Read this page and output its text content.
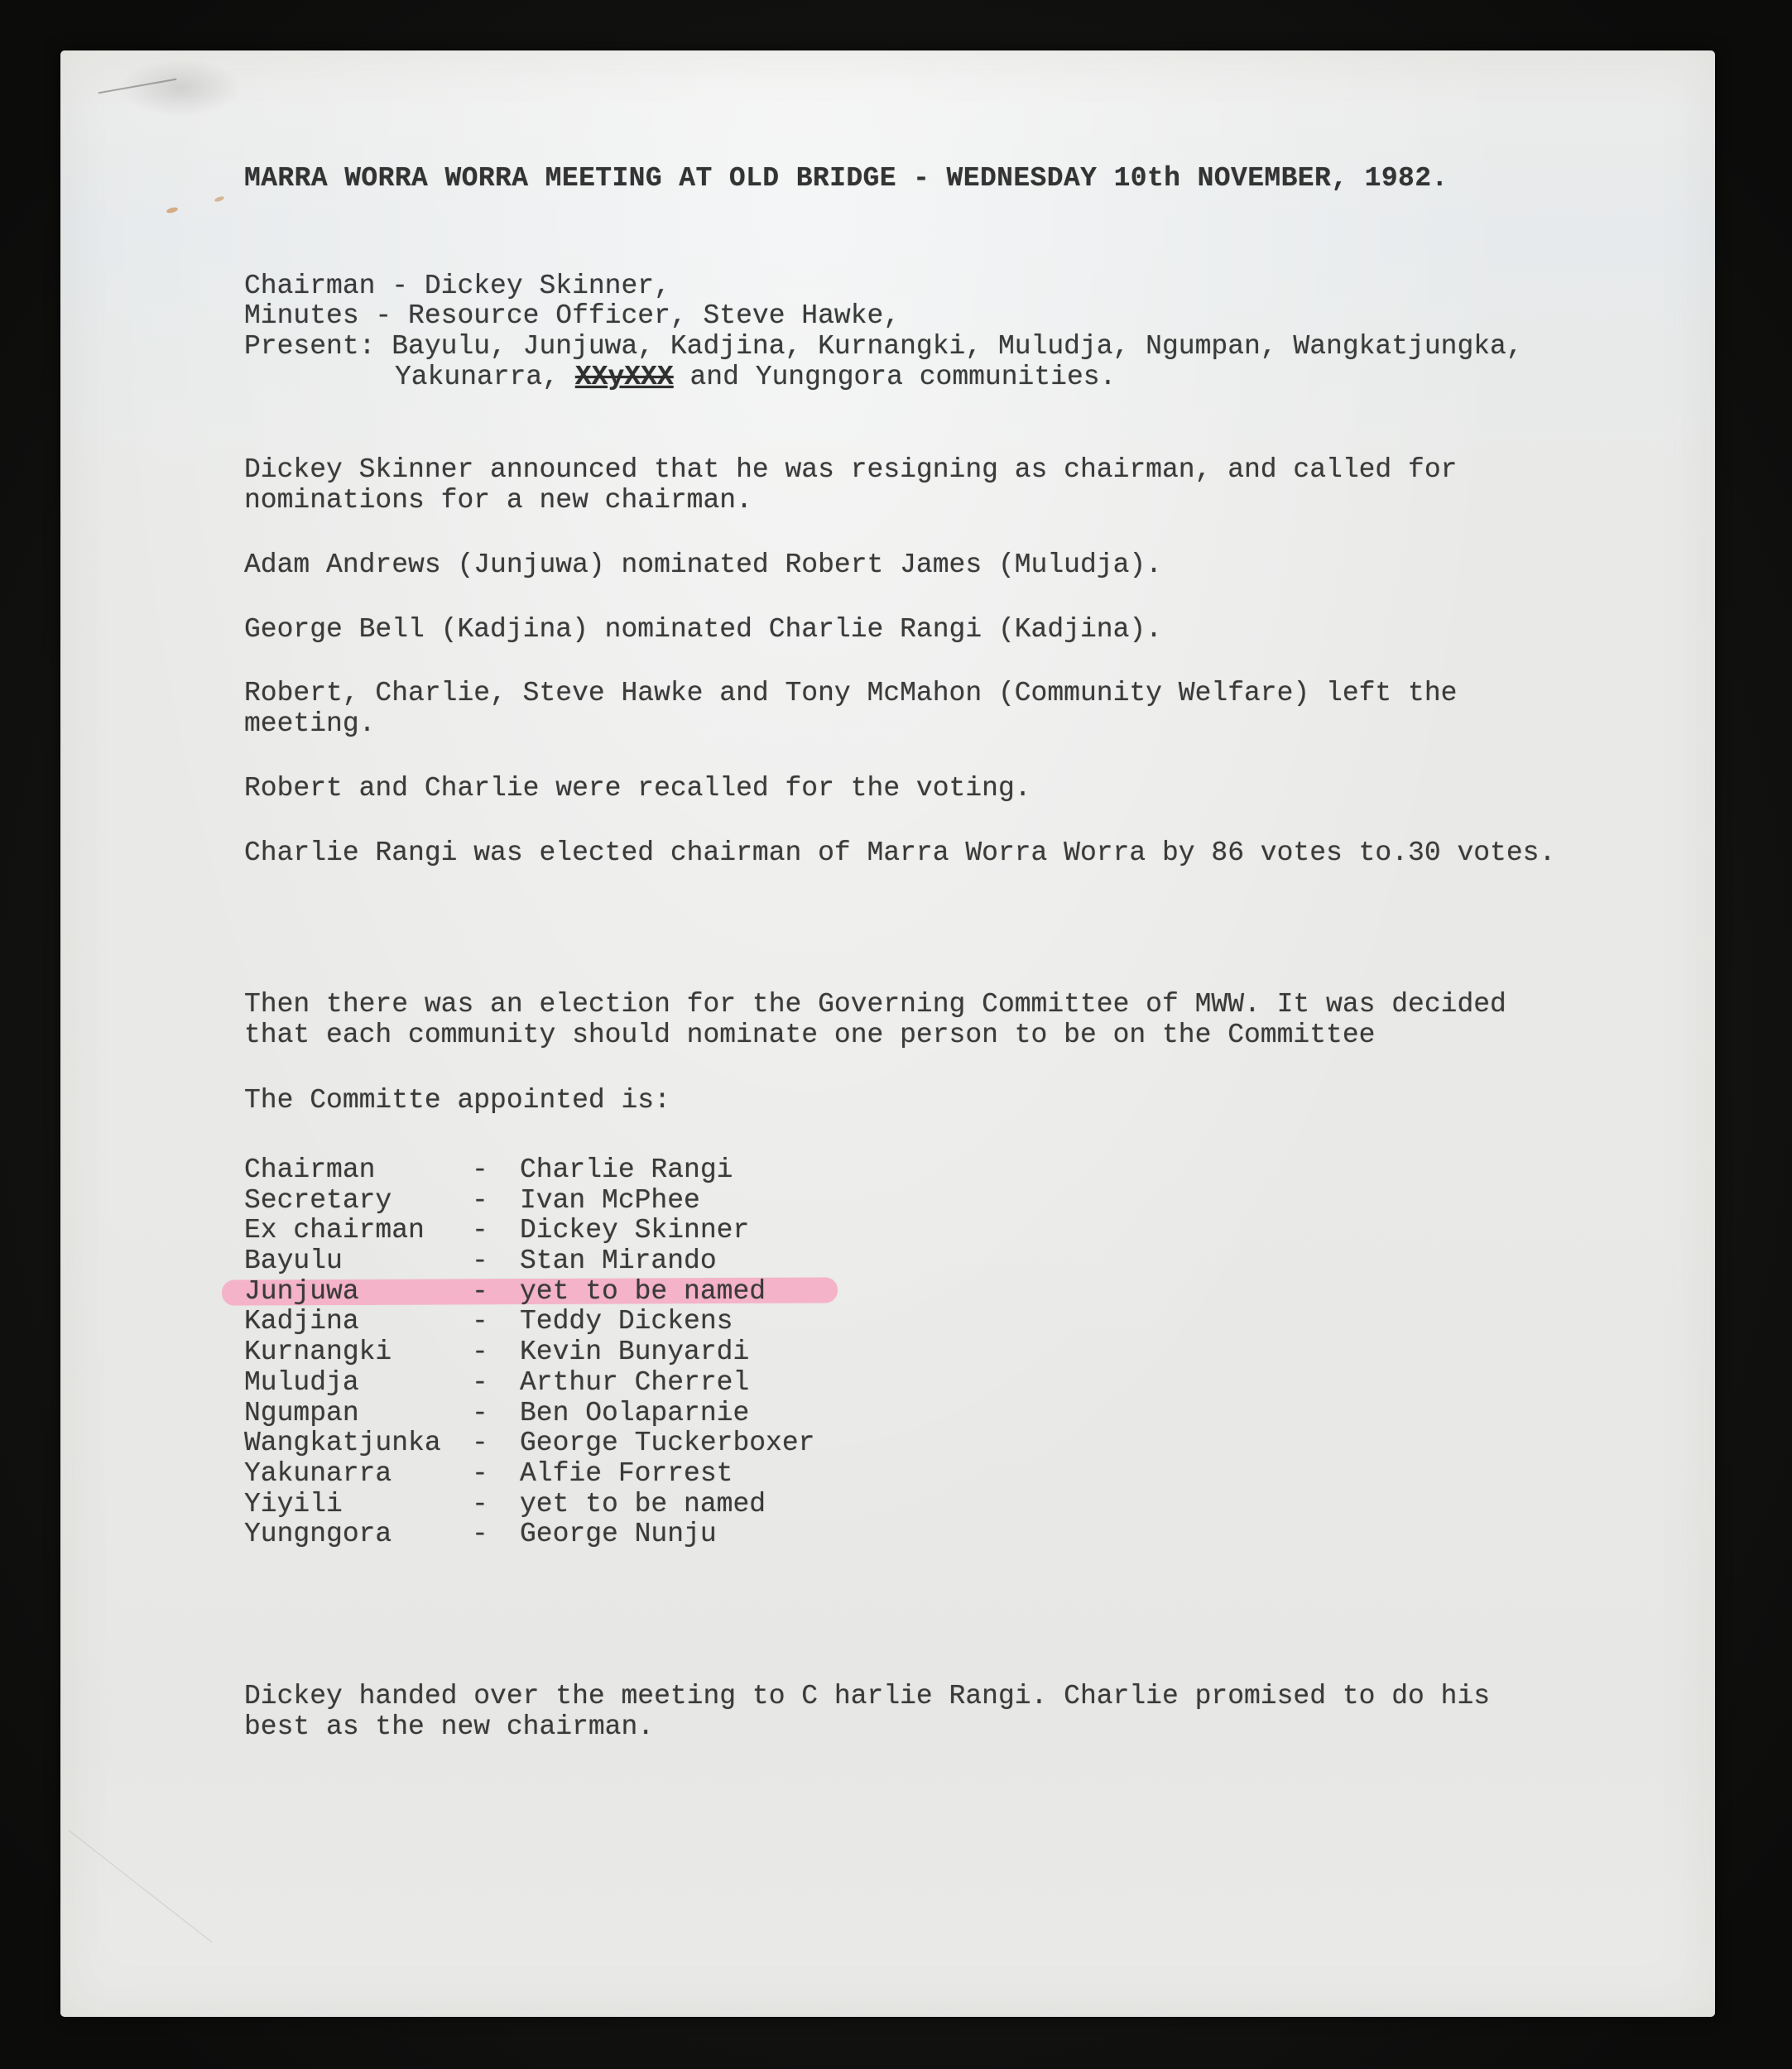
MARRA WORRA WORRA MEETING AT OLD BRIDGE - WEDNESDAY 10th NOVEMBER, 1982.
Chairman - Dickey Skinner,
Minutes - Resource Officer, Steve Hawke,
Present: Bayulu, Junjuwa, Kadjina, Kurnangki, Muludja, Ngumpan, Wangkatjungka,
Yakunarra, XXyXXX and Yungngora communities.
Dickey Skinner announced that he was resigning as chairman, and called for
nominations for a new chairman.
Adam Andrews (Junjuwa) nominated Robert James (Muludja).
George Bell (Kadjina) nominated Charlie Rangi (Kadjina).
Robert, Charlie, Steve Hawke and Tony McMahon (Community Welfare) left the
meeting.
Robert and Charlie were recalled for the voting.
Charlie Rangi was elected chairman of Marra Worra Worra by 86 votes to.30 votes.
Then there was an election for the Governing Committee of MWW. It was decided
that each community should nominate one person to be on the Committee
The Committe appointed is:
Chairman	- Charlie Rangi
Secretary	- Ivan McPhee
Ex chairman - Dickey Skinner
Bayulu	- Stan Mirando
Junjuwa	- yet to be named
Kadjina	- Teddy Dickens
Kurnangki	- Kevin Bunyardi
Muludja	- Arthur Cherrel
Ngumpan	- Ben Oolaparnie
Wangkatjunka - George Tuckerboxer
Yakunarra	- Alfie Forrest
Yiyili	- yet to be named
Yungngora	- George Nunju
Dickey handed over the meeting to C harlie Rangi. Charlie promised to do his
best as the new chairman.
